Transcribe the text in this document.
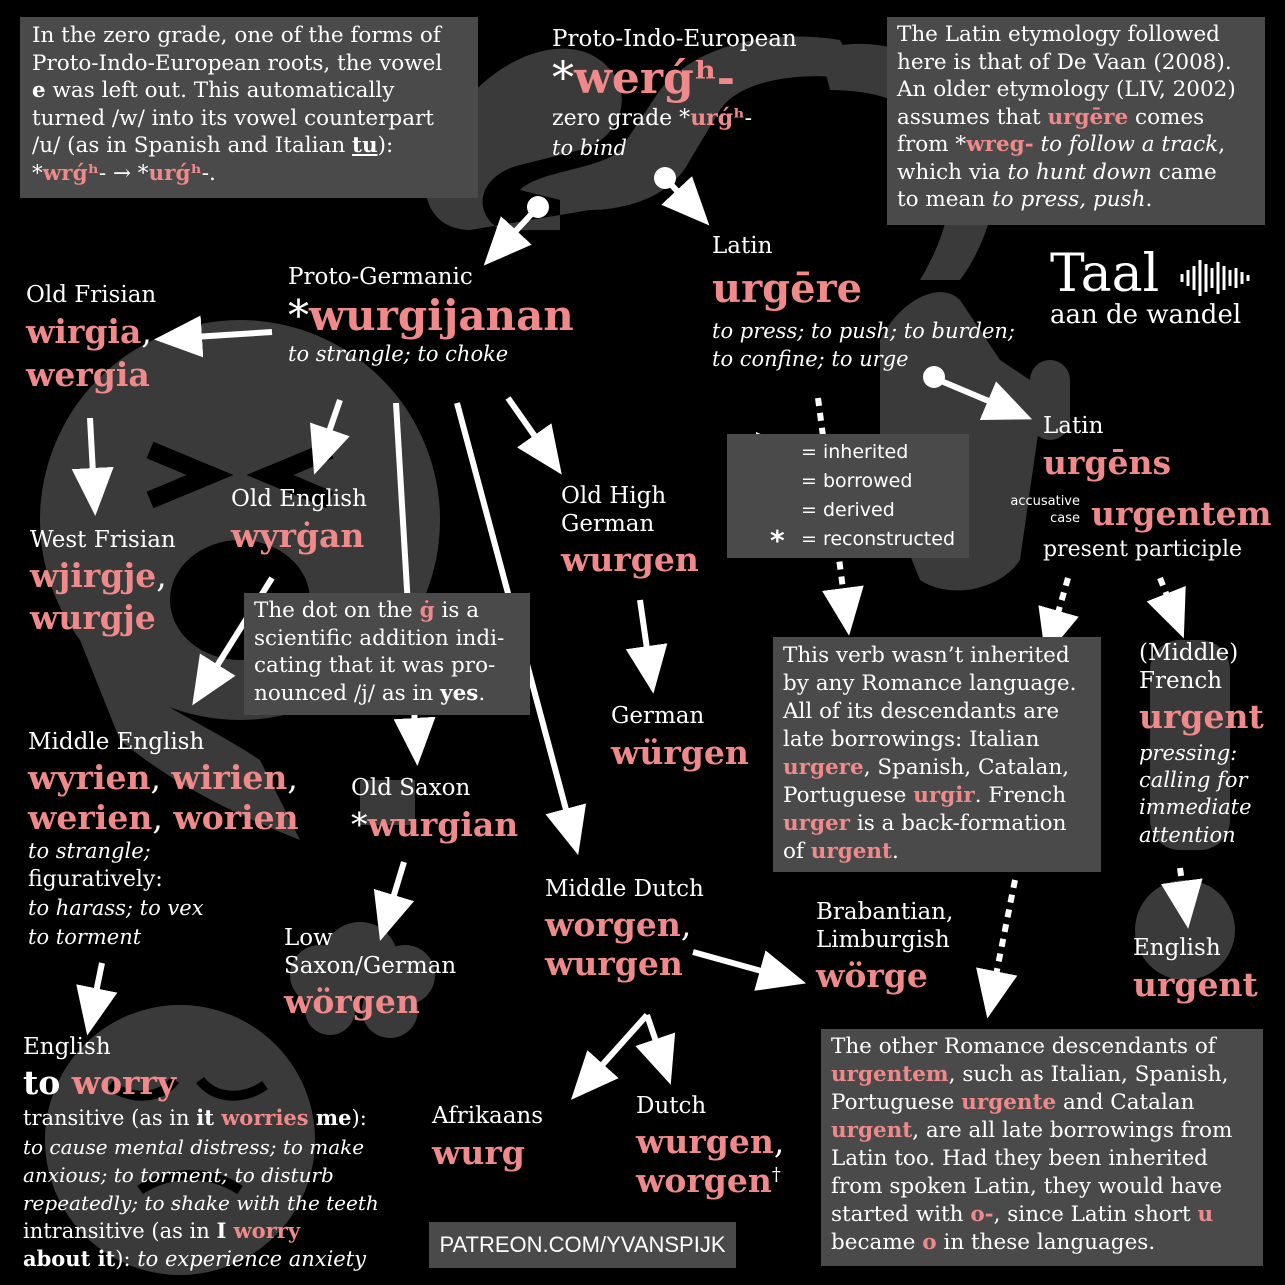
In the zero grade, one of the forms of
Proto-Indo-European roots, the vowel
e was left out. This automatically
turned /w/ into its vowel counterpart
/u/ (as in Spanish and Italian tu):
*wrǵʰ- → *urǵʰ-.
Proto-Indo-European
*werǵʰ-
zero grade *urǵʰ-
to bind
The Latin etymology followed
here is that of De Vaan (2008).
An older etymology (LIV, 2002)
assumes that urgēre comes
from *wreg- to follow a track,
which via to hunt down came
to mean to press, push.
Taal
aan de wandel
Proto-Germanic
*wurgijanan
to strangle; to choke
Old Frisian
wirgia,
wergia
West Frisian
wjirgje,
wurgje
Old English
wyrġan
Old High
German
wurgen
German
würgen
The dot on the ġ is a
scientific addition indi-
cating that it was pro-
nounced /j/ as in yes.
Middle English
wyrien, wirien,
werien, worien
to strangle;
figuratively:
to harass; to vex
to torment
Old Saxon
*wurgian
Low
Saxon/German
wörgen
Middle Dutch
worgen,
wurgen
Brabantian,
Limburgish
wörge
Afrikaans
wurg
Dutch
wurgen,
worgen†
English
to worry
transitive (as in it worries me):
to cause mental distress; to make
anxious; to torment; to disturb
repeatedly; to shake with the teeth
intransitive (as in I worry
about it): to experience anxiety
Latin
urgēre
to press; to push; to burden;
to confine; to urge
= inherited
= borrowed
= derived
= reconstructed
*
Latin
urgēns
accusative
case urgentem
present participle
This verb wasn’t inherited
by any Romance language.
All of its descendants are
late borrowings: Italian
urgere, Spanish, Catalan,
Portuguese urgir. French
urger is a back-formation
of urgent.
(Middle)
French
urgent
pressing:
calling for
immediate
attention
English
urgent
The other Romance descendants of
urgentem, such as Italian, Spanish,
Portuguese urgente and Catalan
urgent, are all late borrowings from
Latin too. Had they been inherited
from spoken Latin, they would have
started with o-, since Latin short u
became o in these languages.
PATREON.COM/YVANSPIJK
